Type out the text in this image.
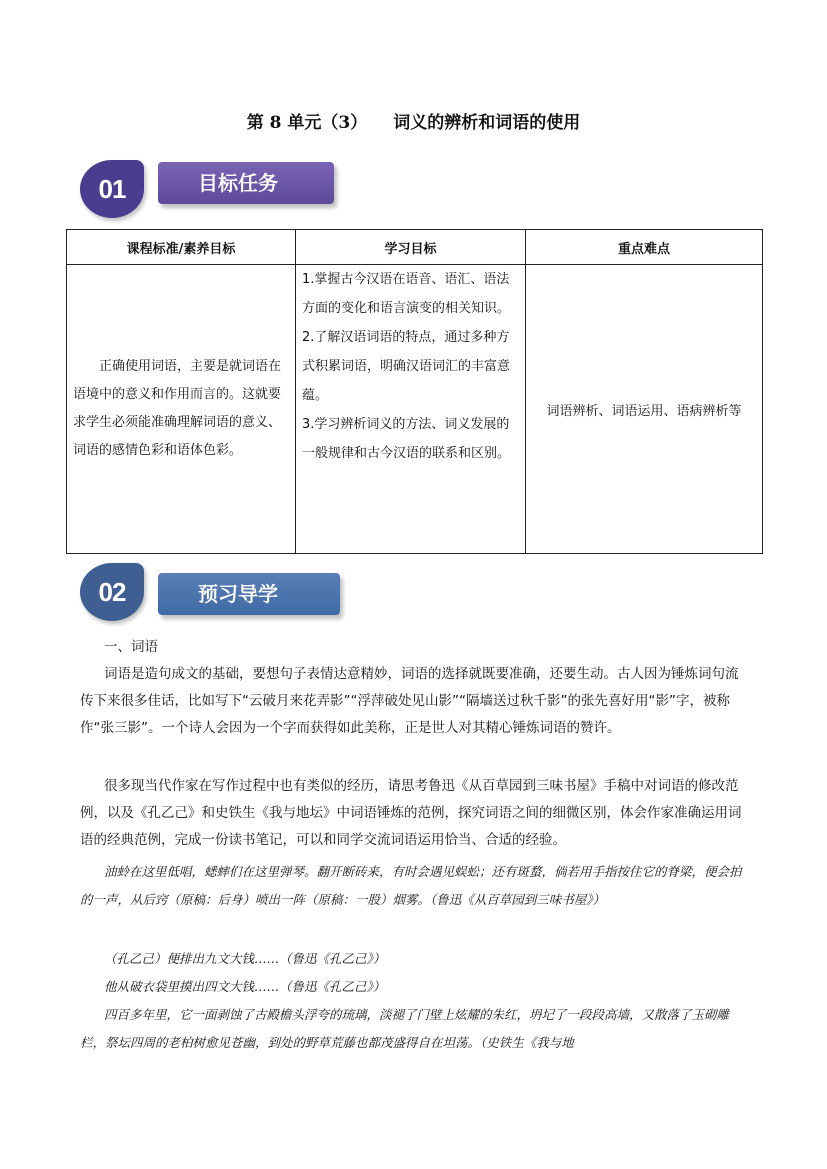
第 8 单元（3） 词义的辨析和词语的使用
目标任务
01
课程标准/素养目标	学习目标	重点难点
正确使用词语，主要是就词语在语境中的意义和作用而言的。这就要求学生必须能准确理解词语的意义、词语的感情色彩和语体色彩。	1.掌握古今汉语在语音、语汇、语法方面的变化和语言演变的相关知识。

2.了解汉语词语的特点，通过多种方式积累词语，明确汉语词汇的丰富意蕴。

3.学习辨析词义的方法、词义发展的一般规律和古今汉语的联系和区别。	词语辨析、词语运用、语病辨析等
预习导学
02
一、词语
词语是造句成文的基础，要想句子表情达意精妙，词语的选择就既要准确，还要生动。古人因为锤炼词句流传下来很多佳话，比如写下“云破月来花弄影”“浮萍破处见山影”“隔墙送过秋千影”的张先喜好用“影”字，被称作“张三影”。一个诗人会因为一个字而获得如此美称，正是世人对其精心锤炼词语的赞许。
很多现当代作家在写作过程中也有类似的经历，请思考鲁迅《从百草园到三味书屋》手稿中对词语的修改范例，以及《孔乙己》和史铁生《我与地坛》中词语锤炼的范例，探究词语之间的细微区别，体会作家准确运用词语的经典范例，完成一份读书笔记，可以和同学交流词语运用恰当、合适的经验。
油蛉在这里低唱，蟋蟀们在这里弹琴。翻开断砖来，有时会遇见蜈蚣；还有斑蝥，倘若用手指按住它的脊梁，便会拍的一声，从后窍（原稿：后身）喷出一阵（原稿：一股）烟雾。（鲁迅《从百草园到三味书屋》）
（孔乙己）便排出九文大钱……（鲁迅《孔乙己》）
他从破衣袋里摸出四文大钱……（鲁迅《孔乙己》）
四百多年里，它一面剥蚀了古殿檐头浮夸的琉璃，淡褪了门壁上炫耀的朱红，坍圮了一段段高墙，又散落了玉砌雕栏，祭坛四周的老柏树愈见苍幽，到处的野草荒藤也都茂盛得自在坦荡。（史铁生《我与地
